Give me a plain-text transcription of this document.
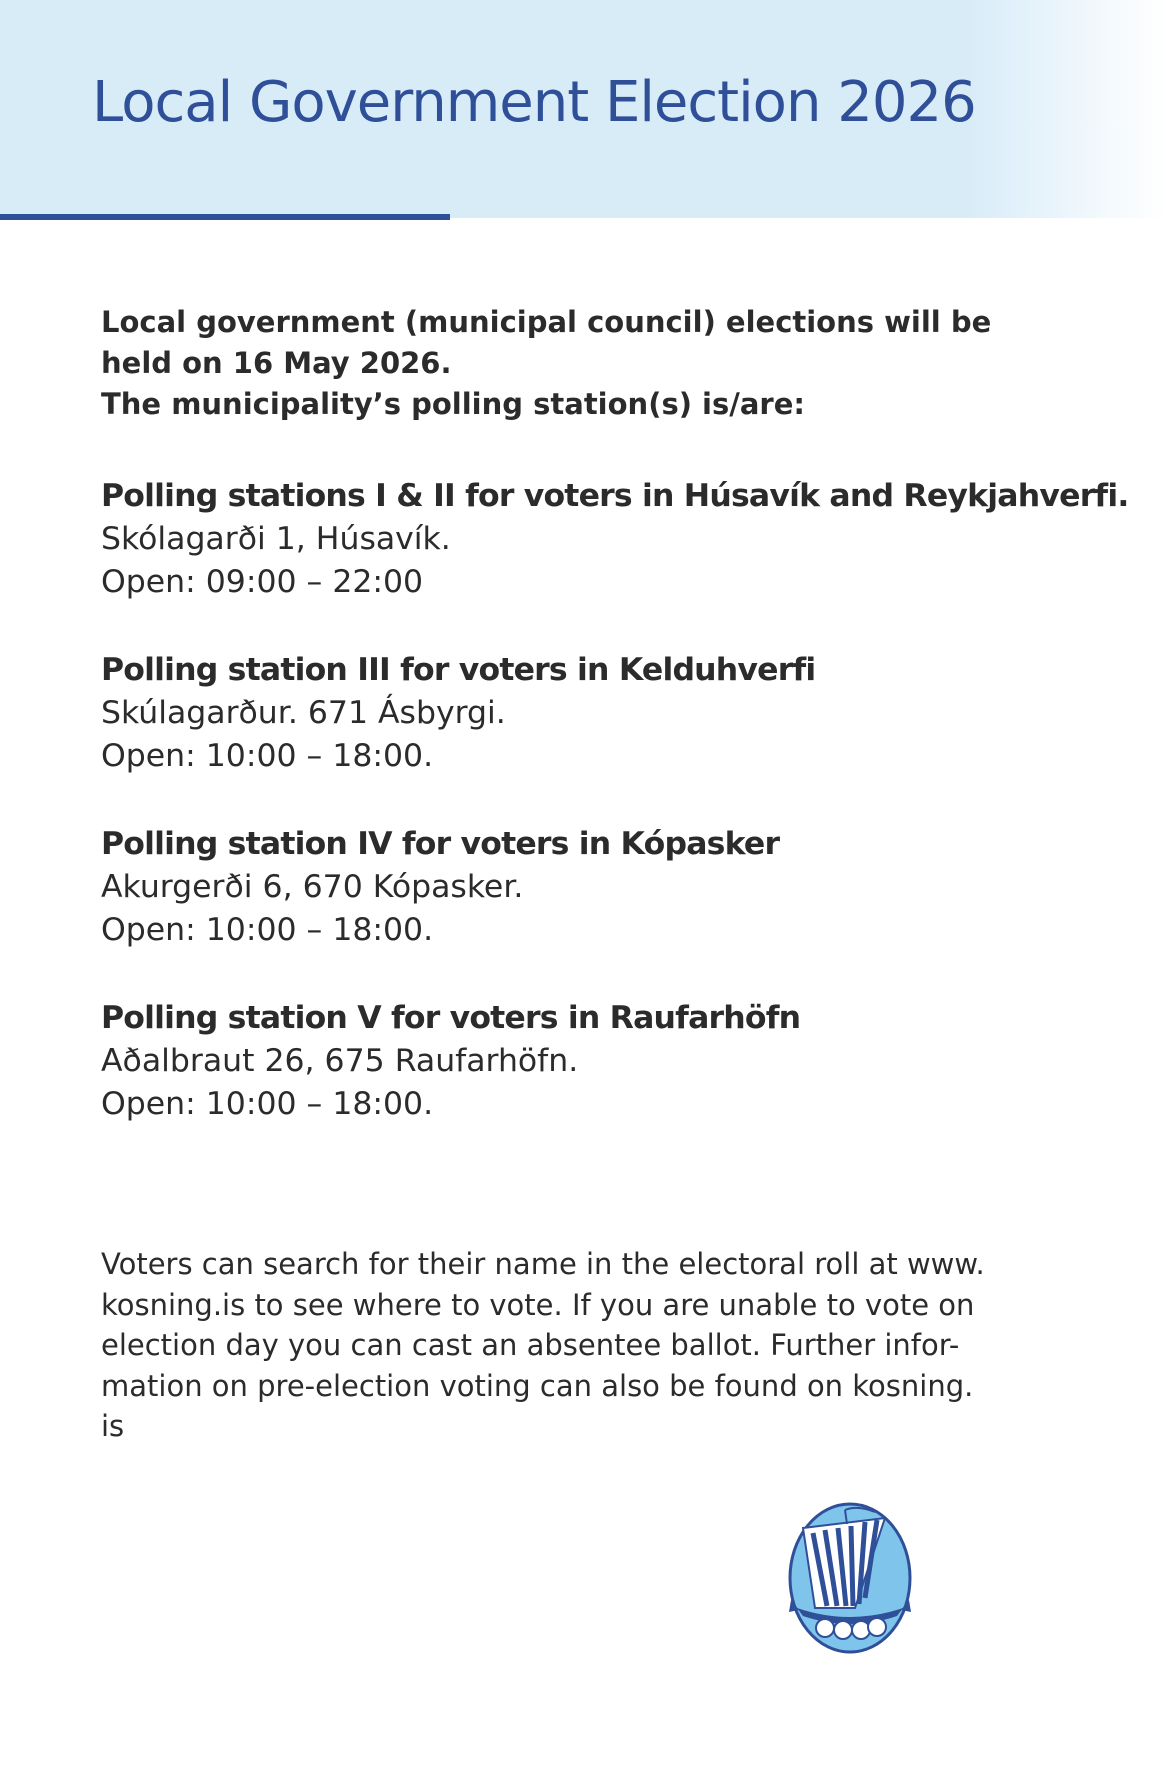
Local Government Election 2026

Local government (municipal council) elections will be

held on 16 May 2026.

The municipality’s polling station(s) is/are:

Polling stations I & II for voters in Húsavík and Reykjahverfi.

Skólagarði 1, Húsavík.

Open: 09:00 – 22:00

Polling station III for voters in Kelduhverfi

Skúlagarður. 671 Ásbyrgi.

Open: 10:00 – 18:00.

Polling station IV for voters in Kópasker

Akurgerði 6, 670 Kópasker.

Open: 10:00 – 18:00.

Polling station V for voters in Raufarhöfn

Aðalbraut 26, 675 Raufarhöfn.

Open: 10:00 – 18:00.

Voters can search for their name in the electoral roll at www.
kosning.is to see where to vote. If you are unable to vote on
election day you can cast an absentee ballot. Further infor-
mation on pre-election voting can also be found on kosning.
is
